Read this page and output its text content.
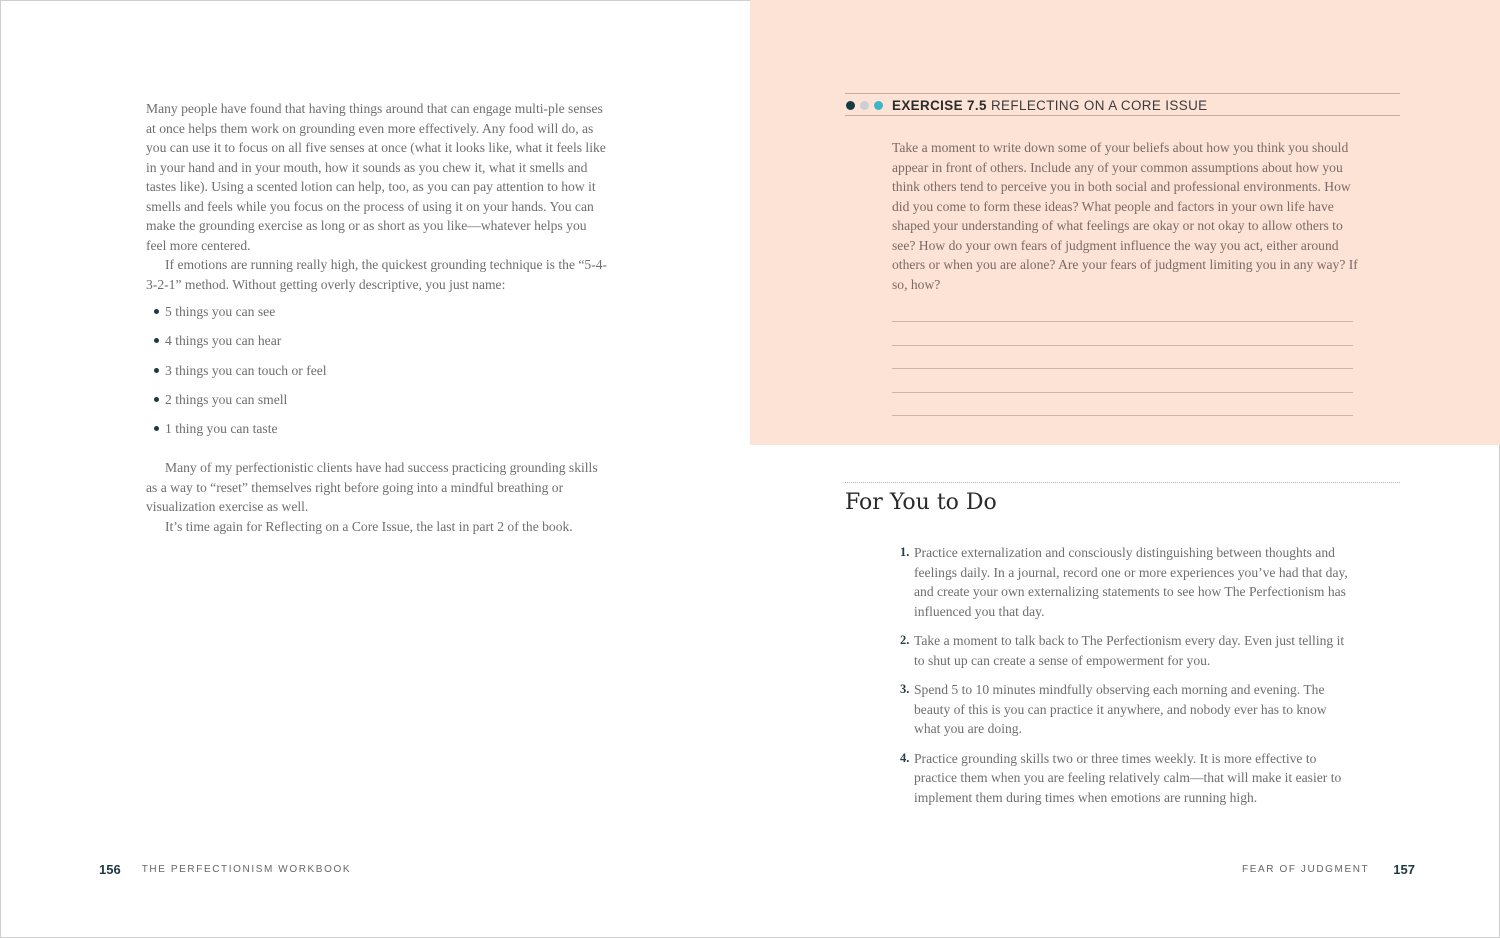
Many people have found that having things around that can engage multi-ple senses at once helps them work on grounding even more effectively. Any food will do, as you can use it to focus on all five senses at once (what it looks like, what it feels like in your hand and in your mouth, how it sounds as you chew it, what it smells and tastes like). Using a scented lotion can help, too, as you can pay attention to how it smells and feels while you focus on the process of using it on your hands. You can make the grounding exercise as long or as short as you like—whatever helps you feel more centered.

If emotions are running really high, the quickest grounding technique is the “5-4-3-2-1” method. Without getting overly descriptive, you just name:

5 things you can see
4 things you can hear
3 things you can touch or feel
2 things you can smell
1 thing you can taste

Many of my perfectionistic clients have had success practicing grounding skills as a way to “reset” themselves right before going into a mindful breathing or visualization exercise as well.

It’s time again for Reflecting on a Core Issue, the last in part 2 of the book.

156 THE PERFECTIONISM WORKBOOK
EXERCISE 7.5 REFLECTING ON A CORE ISSUE

Take a moment to write down some of your beliefs about how you think you should appear in front of others. Include any of your common assumptions about how you think others tend to perceive you in both social and professional environments. How did you come to form these ideas? What people and factors in your own life have shaped your understanding of what feelings are okay or not okay to allow others to see? How do your own fears of judgment influence the way you act, either around others or when you are alone? Are your fears of judgment limiting you in any way? If so, how?

For You to Do
1. Practice externalization and consciously distinguishing between thoughts and feelings daily. In a journal, record one or more experiences you’ve had that day, and create your own externalizing statements to see how The Perfectionism has influenced you that day.
2. Take a moment to talk back to The Perfectionism every day. Even just telling it to shut up can create a sense of empowerment for you.
3. Spend 5 to 10 minutes mindfully observing each morning and evening. The beauty of this is you can practice it anywhere, and nobody ever has to know what you are doing.
4. Practice grounding skills two or three times weekly. It is more effective to practice them when you are feeling relatively calm—that will make it easier to implement them during times when emotions are running high.
FEAR OF JUDGMENT 157
